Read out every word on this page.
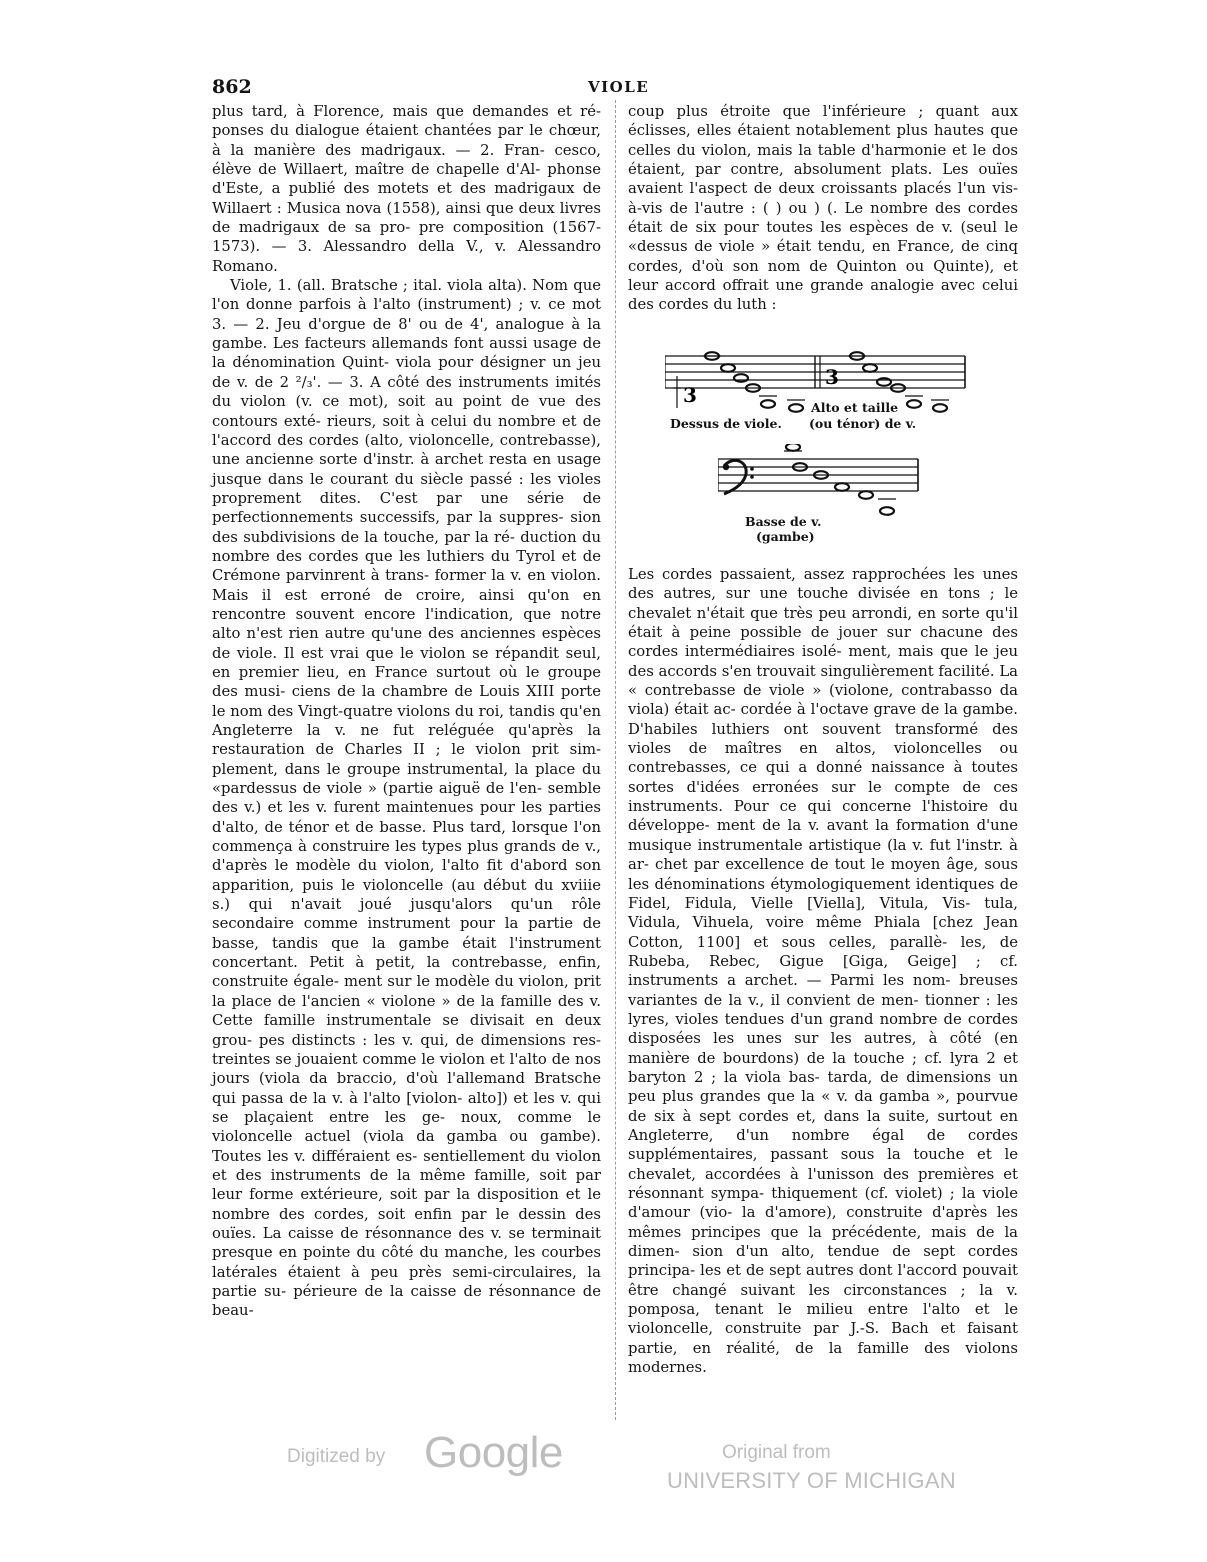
862	VIOLE

plus tard, à Florence, mais que demandes et ré- ponses du dialogue étaient chantées par le chœur, à la manière des madrigaux. — 2. Fran- cesco, élève de Willaert, maître de chapelle d'Al- phonse d'Este, a publié des motets et des madrigaux de Willaert : Musica nova (1558), ainsi que deux livres de madrigaux de sa pro- pre composition (1567-1573). — 3. Alessandro della V., v. Alessandro Romano.

Viole, 1. (all. Bratsche ; ital. viola alta). Nom que l'on donne parfois à l'alto (instrument) ; v. ce mot 3. — 2. Jeu d'orgue de 8' ou de 4', analogue à la gambe. Les facteurs allemands font aussi usage de la dénomination Quint- viola pour désigner un jeu de v. de 2 ²/₃'. — 3. A côté des instruments imités du violon (v. ce mot), soit au point de vue des contours exté- rieurs, soit à celui du nombre et de l'accord des cordes (alto, violoncelle, contrebasse), une ancienne sorte d'instr. à archet resta en usage jusque dans le courant du siècle passé : les violes proprement dites. C'est par une série de perfectionnements successifs, par la suppres- sion des subdivisions de la touche, par la ré- duction du nombre des cordes que les luthiers du Tyrol et de Crémone parvinrent à trans- former la v. en violon. Mais il est erroné de croire, ainsi qu'on en rencontre souvent encore l'indication, que notre alto n'est rien autre qu'une des anciennes espèces de viole. Il est vrai que le violon se répandit seul, en premier lieu, en France surtout où le groupe des musi- ciens de la chambre de Louis XIII porte le nom des Vingt-quatre violons du roi, tandis qu'en Angleterre la v. ne fut reléguée qu'après la restauration de Charles II ; le violon prit sim- plement, dans le groupe instrumental, la place du «pardessus de viole » (partie aiguë de l'en- semble des v.) et les v. furent maintenues pour les parties d'alto, de ténor et de basse. Plus tard, lorsque l'on commença à construire les types plus grands de v., d'après le modèle du violon, l'alto fit d'abord son apparition, puis le violoncelle (au début du xviiie s.) qui n'avait joué jusqu'alors qu'un rôle secondaire comme instrument pour la partie de basse, tandis que la gambe était l'instrument concertant. Petit à petit, la contrebasse, enfin, construite égale- ment sur le modèle du violon, prit la place de l'ancien « violone » de la famille des v. Cette famille instrumentale se divisait en deux grou- pes distincts : les v. qui, de dimensions res- treintes se jouaient comme le violon et l'alto de nos jours (viola da braccio, d'où l'allemand Bratsche qui passa de la v. à l'alto [violon- alto]) et les v. qui se plaçaient entre les ge- noux, comme le violoncelle actuel (viola da gamba ou gambe). Toutes les v. différaient es- sentiellement du violon et des instruments de la même famille, soit par leur forme extérieure, soit par la disposition et le nombre des cordes, soit enfin par le dessin des ouïes. La caisse de résonnance des v. se terminait presque en pointe du côté du manche, les courbes latérales étaient à peu près semi-circulaires, la partie su- périeure de la caisse de résonnance de beau-

coup plus étroite que l'inférieure ; quant aux éclisses, elles étaient notablement plus hautes que celles du violon, mais la table d'harmonie et le dos étaient, par contre, absolument plats. Les ouïes avaient l'aspect de deux croissants placés l'un vis-à-vis de l'autre : ( ) ou ) (. Le nombre des cordes était de six pour toutes les espèces de v. (seul le «dessus de viole » était tendu, en France, de cinq cordes, d'où son nom de Quinton ou Quinte), et leur accord offrait une grande analogie avec celui des cordes du luth :

3
3
Alto et taille
Dessus de viole. (ou ténor) de v.
Basse de v.
(gambe)

Les cordes passaient, assez rapprochées les unes des autres, sur une touche divisée en tons ; le chevalet n'était que très peu arrondi, en sorte qu'il était à peine possible de jouer sur chacune des cordes intermédiaires isolé- ment, mais que le jeu des accords s'en trouvait singulièrement facilité. La « contrebasse de viole » (violone, contrabasso da viola) était ac- cordée à l'octave grave de la gambe. D'habiles luthiers ont souvent transformé des violes de maîtres en altos, violoncelles ou contrebasses, ce qui a donné naissance à toutes sortes d'idées erronées sur le compte de ces instruments. Pour ce qui concerne l'histoire du développe- ment de la v. avant la formation d'une musique instrumentale artistique (la v. fut l'instr. à ar- chet par excellence de tout le moyen âge, sous les dénominations étymologiquement identiques de Fidel, Fidula, Vielle [Viella], Vitula, Vis- tula, Vidula, Vihuela, voire même Phiala [chez Jean Cotton, 1100] et sous celles, parallè- les, de Rubeba, Rebec, Gigue [Giga, Geige] ; cf. instruments a archet. — Parmi les nom- breuses variantes de la v., il convient de men- tionner : les lyres, violes tendues d'un grand nombre de cordes disposées les unes sur les autres, à côté (en manière de bourdons) de la touche ; cf. lyra 2 et baryton 2 ; la viola bas- tarda, de dimensions un peu plus grandes que la « v. da gamba », pourvue de six à sept cordes et, dans la suite, surtout en Angleterre, d'un nombre égal de cordes supplémentaires, passant sous la touche et le chevalet, accordées à l'unisson des premières et résonnant sympa- thiquement (cf. violet) ; la viole d'amour (vio- la d'amore), construite d'après les mêmes principes que la précédente, mais de la dimen- sion d'un alto, tendue de sept cordes principa- les et de sept autres dont l'accord pouvait être changé suivant les circonstances ; la v. pomposa, tenant le milieu entre l'alto et le violoncelle, construite par J.-S. Bach et faisant partie, en réalité, de la famille des violons modernes.

Digitized by Google	Original from
UNIVERSITY OF MICHIGAN
